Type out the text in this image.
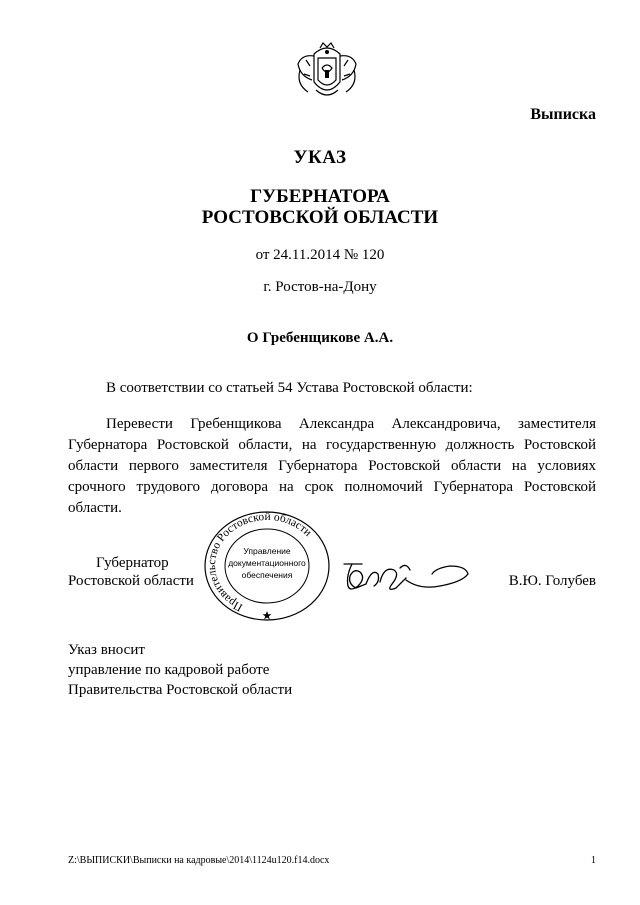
Выписка
УКАЗ
ГУБЕРНАТОРА
РОСТОВСКОЙ ОБЛАСТИ
от 24.11.2014 № 120
г. Ростов-на-Дону
О Гребенщикове А.А.
В соответствии со статьей 54 Устава Ростовской области:
Перевести Гребенщикова Александра Александровича, заместителя Губернатора Ростовской области, на государственную должность Ростовской области первого заместителя Губернатора Ростовской области на условиях срочного трудового договора на срок полномочий Губернатора Ростовской области.
Губернатор
Ростовской области
Правительство Ростовской области
Управление
документационного
обеспечения	В.Ю. Голубев
Указ вносит
управление по кадровой работе
Правительства Ростовской области
Z:\ВЫПИСКИ\Выписки на кадровые\2014\1124u120.f14.docx	1
